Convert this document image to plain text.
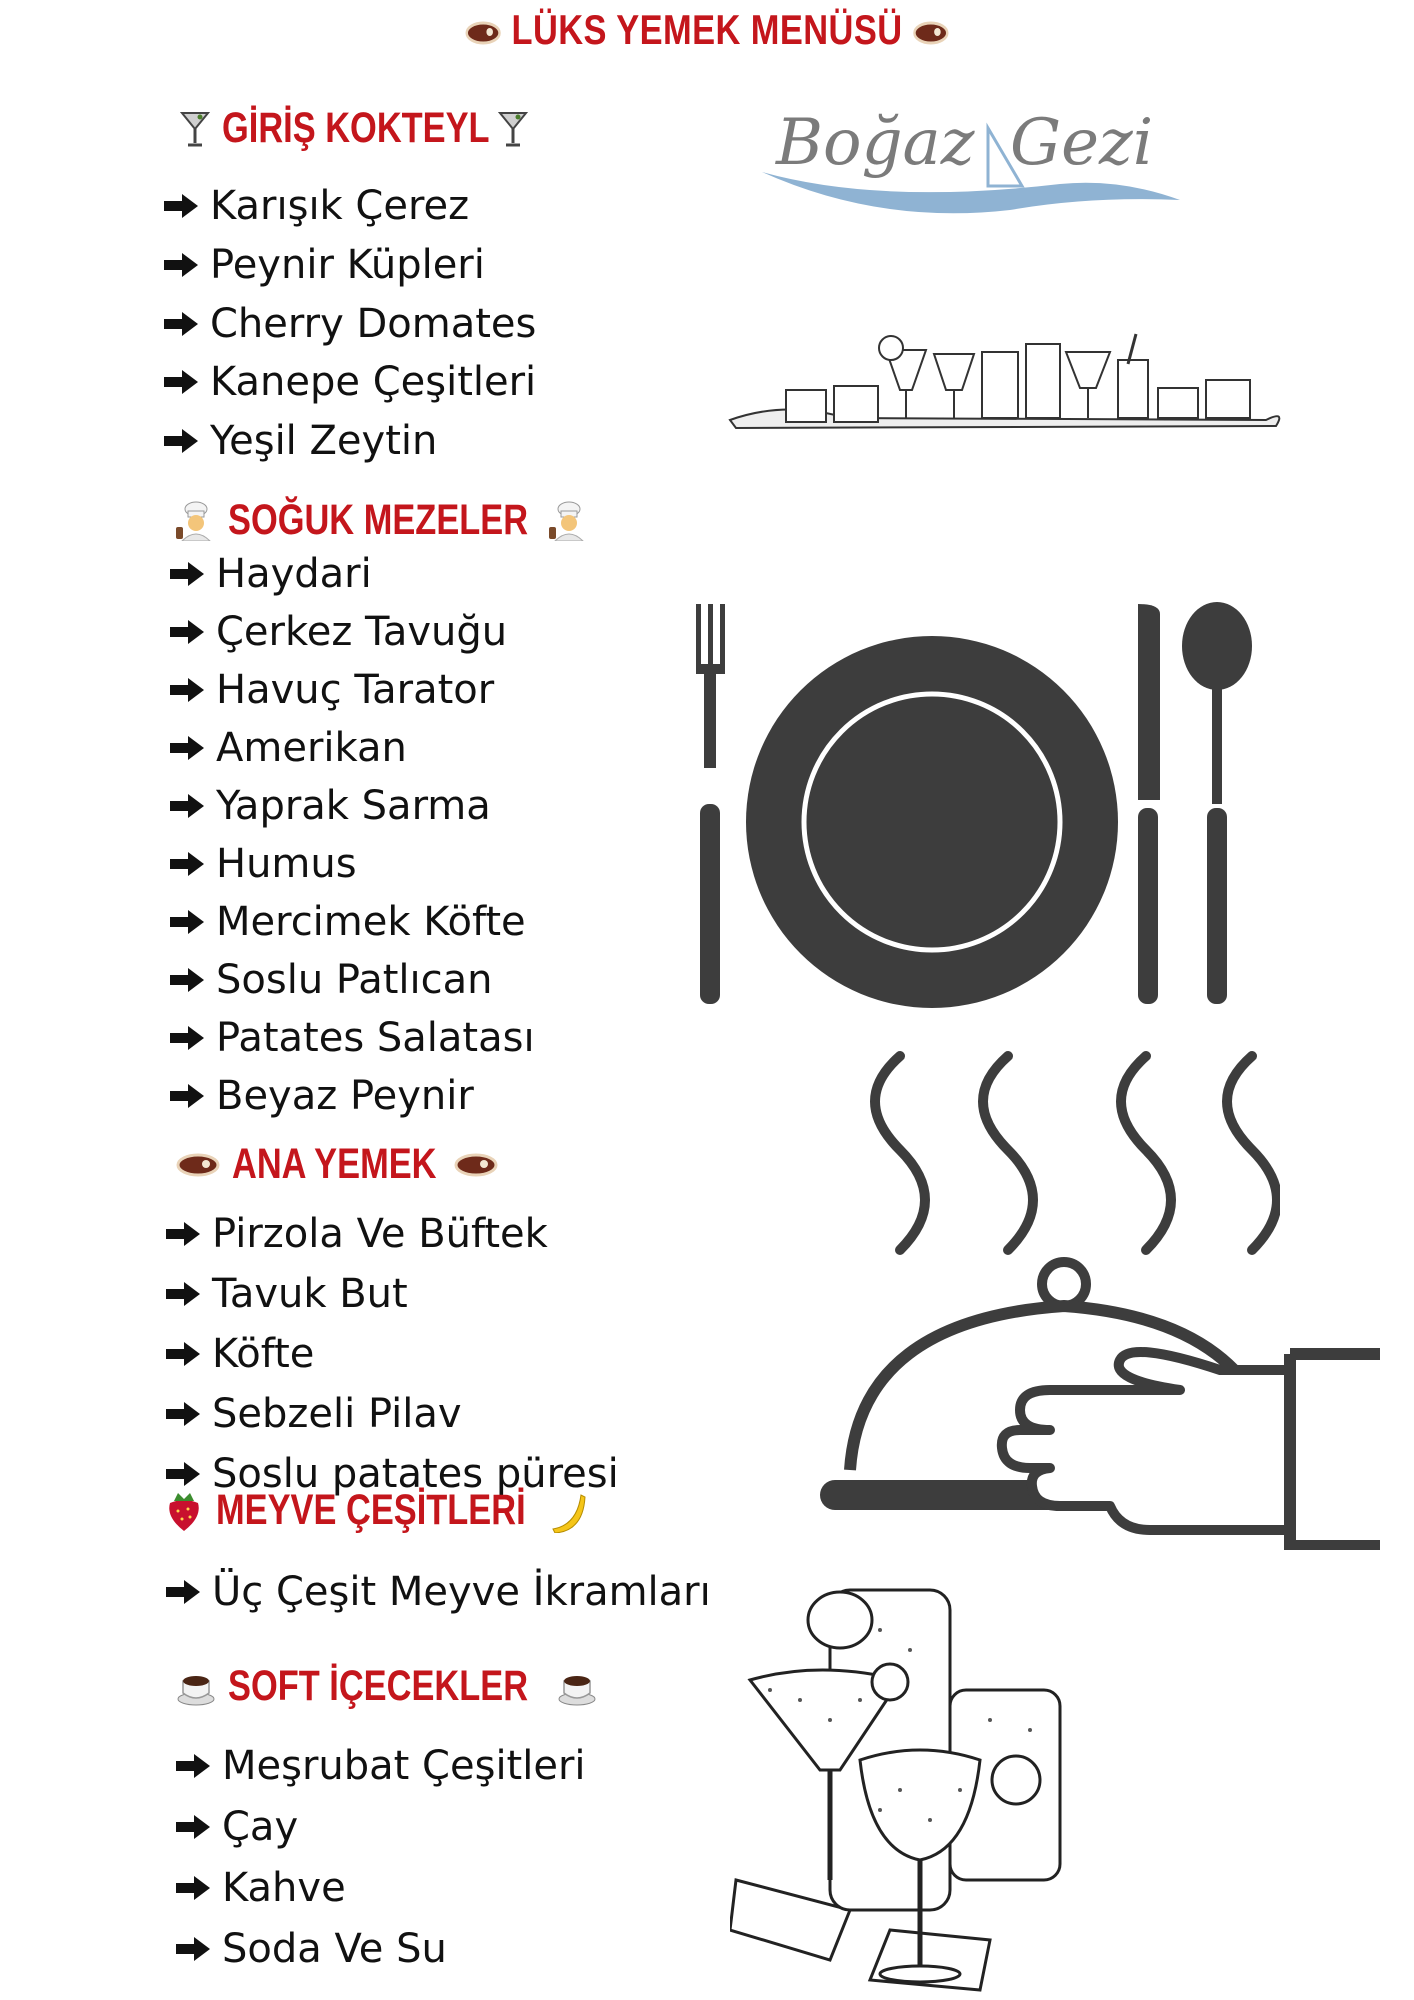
LÜKS YEMEK MENÜSÜ
Boğaz Gezi
GİRİŞ KOKTEYL
Karışık Çerez
Peynir Küpleri
Cherry Domates
Kanepe Çeşitleri
Yeşil Zeytin
SOĞUK MEZELER
Haydari
Çerkez Tavuğu
Havuç Tarator
Amerikan
Yaprak Sarma
Humus
Mercimek Köfte
Soslu Patlıcan
Patates Salatası
Beyaz Peynir
ANA YEMEK
Pirzola Ve Büftek
Tavuk But
Köfte
Sebzeli Pilav
Soslu patates püresi
MEYVE ÇEŞİTLERİ
Üç Çeşit Meyve İkramları
SOFT İÇECEKLER
Meşrubat Çeşitleri
Çay
Kahve
Soda Ve Su
